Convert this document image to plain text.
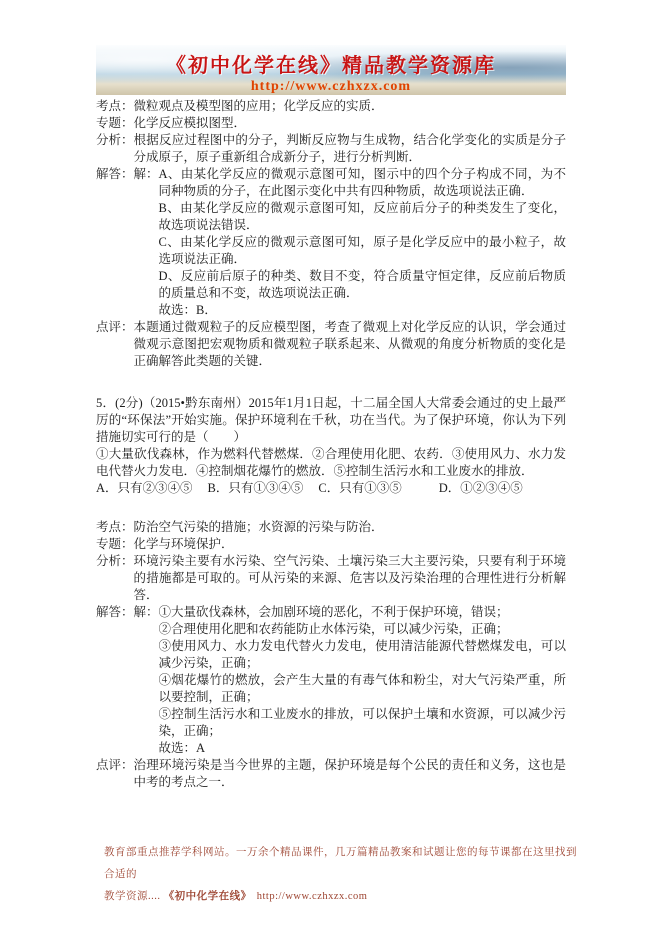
《初中化学在线》精品教学资源库
http://www.czhxzx.com
考点： 微粒观点及模型图的应用；化学反应的实质．
专题： 化学反应模拟图型．
分析： 根据反应过程图中的分子，判断反应物与生成物，结合化学变化的实质是分子分成原子，原子重新组合成新分子，进行分析判断．
解答： 解： A、由某化学反应的微观示意图可知，图示中的四个分子构成不同，为不同种物质的分子，在此图示变化中共有四种物质，故选项说法正确．

B、由某化学反应的微观示意图可知，反应前后分子的种类发生了变化，故选项说法错误．

C、由某化学反应的微观示意图可知，原子是化学反应中的最小粒子，故选项说法正确．

D、反应前后原子的种类、数目不变，符合质量守恒定律，反应前后物质的质量总和不变，故选项说法正确．

故选：B．

点评： 本题通过微观粒子的反应模型图，考查了微观上对化学反应的认识，学会通过微观示意图把宏观物质和微观粒子联系起来、从微观的角度分析物质的变化是正确解答此类题的关键．

5．(2分)（2015•黔东南州）2015年1月1日起，十二届全国人大常委会通过的史上最严厉的“环保法”开始实施。保护环境利在千秋，功在当代。为了保护环境，你认为下列措施切实可行的是（　　）

①大量砍伐森林，作为燃料代替燃煤．②合理使用化肥、农药．③使用风力、水力发电代替火力发电．④控制烟花爆竹的燃放．⑤控制生活污水和工业废水的排放．

A．只有②③④⑤ B．只有①③④⑤ C．只有①③⑤	D．①②③④⑤
考点： 防治空气污染的措施；水资源的污染与防治．
专题： 化学与环境保护．
分析： 环境污染主要有水污染、空气污染、土壤污染三大主要污染，只要有利于环境的措施都是可取的。可从污染的来源、危害以及污染治理的合理性进行分析解答．
解答： 解： ①大量砍伐森林，会加剧环境的恶化，不利于保护环境，错误；

②合理使用化肥和农药能防止水体污染，可以减少污染，正确；

③使用风力、水力发电代替火力发电，使用清洁能源代替燃煤发电，可以减少污染，正确；

④烟花爆竹的燃放，会产生大量的有毒气体和粉尘，对大气污染严重，所以要控制，正确；

⑤控制生活污水和工业废水的排放，可以保护土壤和水资源，可以减少污染，正确；

故选：A

点评： 治理环境污染是当今世界的主题，保护环境是每个公民的责任和义务，这也是中考的考点之一．
教育部重点推荐学科网站。一万余个精品课件，几万篇精品教案和试题让您的每节课都在这里找到合适的
教学资源.... 《初中化学在线》 http://www.czhxzx.com
